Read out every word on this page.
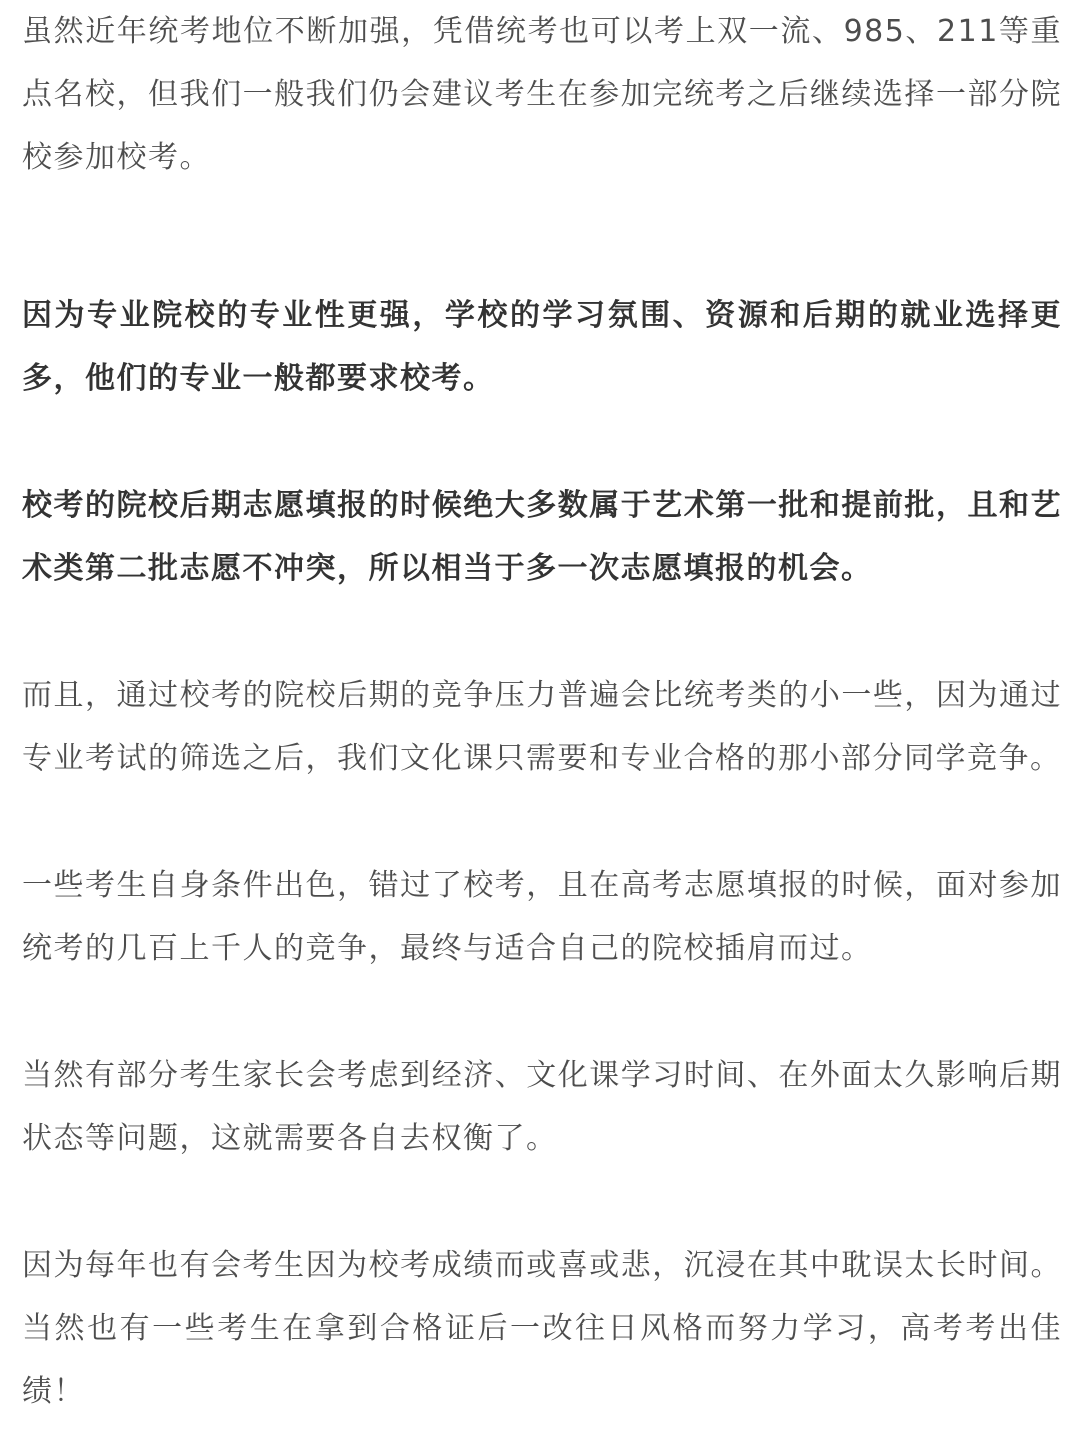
虽然近年统考地位不断加强，凭借统考也可以考上双一流、985、211等重点名校，但我们一般我们仍会建议考生在参加完统考之后继续选择一部分院校参加校考。

因为专业院校的专业性更强，学校的学习氛围、资源和后期的就业选择更多，他们的专业一般都要求校考。

校考的院校后期志愿填报的时候绝大多数属于艺术第一批和提前批，且和艺术类第二批志愿不冲突，所以相当于多一次志愿填报的机会。

而且，通过校考的院校后期的竞争压力普遍会比统考类的小一些，因为通过专业考试的筛选之后，我们文化课只需要和专业合格的那小部分同学竞争。

一些考生自身条件出色，错过了校考，且在高考志愿填报的时候，面对参加统考的几百上千人的竞争，最终与适合自己的院校插肩而过。

当然有部分考生家长会考虑到经济、文化课学习时间、在外面太久影响后期状态等问题，这就需要各自去权衡了。

因为每年也有会考生因为校考成绩而或喜或悲，沉浸在其中耽误太长时间。当然也有一些考生在拿到合格证后一改往日风格而努力学习，高考考出佳绩！
